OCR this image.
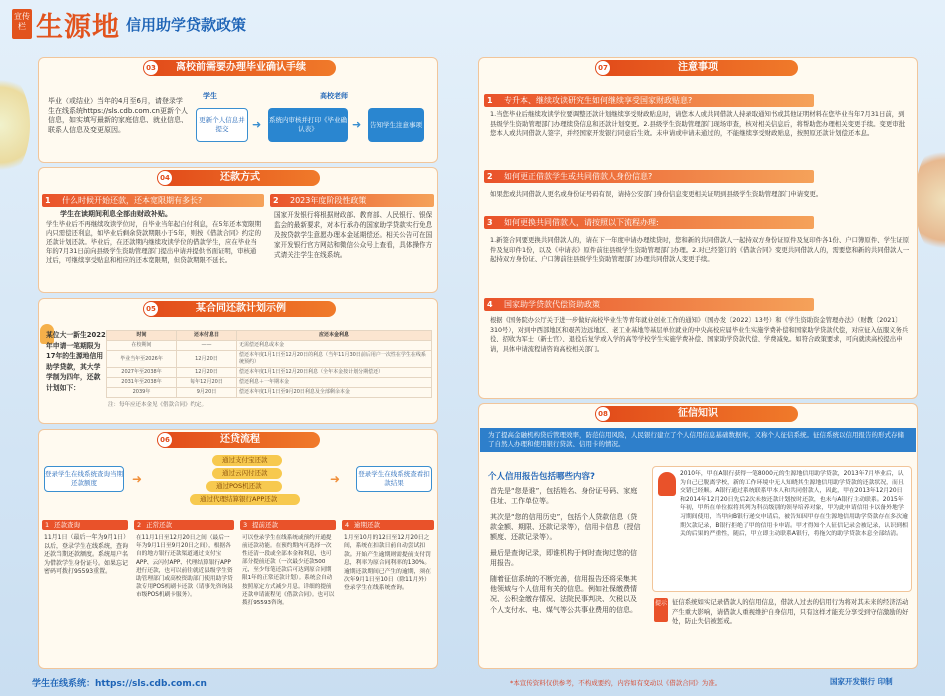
宣传栏 生源地 信用助学贷款政策
03	离校前需要办理毕业确认手续
毕业（或结业）当年的4月至6月，请登录学生在线系统https://sls.cdb.com.cn更新个人信息，如实填写最新的家庭信息、就业信息、联系人信息及变更原因。
学生	高校老师
更新个人信息并提交	➜ 系统内审核并打印《毕业确认表》	➜	告知学生注意事项
04	还款方式
1 什么时候开始还款，还本宽限期有多长?
学生在读期间利息全部由财政补贴。
学生毕业后不再继续攻读学位时，自毕业当年起自付利息，在5年还本宽限期内只需偿还利息，如毕业后剩余贷款期限小于5年，则按《借款合同》约定的还款计划还款。毕业后，在还款期内继续攻读学位的借款学生，应在毕业当年的7月31日前向县级学生资助管理部门提出申请并提供书面证明，审核通过后，可继续享受贴息和相应的还本宽限期，但贷款期限不延长。
2 2023年度阶段性政策
国家开发银行将根据财政部、教育部、人民银行、银保监会的最新要求，对本行承办的国家助学贷款实行免息及按贷款学生意愿办理本金延期偿还。相关公告可在国家开发银行官方网站和微信公众号上查看，具体操作方式请关注学生在线系统。
05	某合同还款计划示例
某位大一新生2022年申请一笔期限为17年的生源地信用助学贷款，其大学学制为四年，还款计划如下：
时间	还本付息日	应还本金利息
在校期间	——	无需偿还利息或本金
毕业当年至2026年	12月20日	偿还本年度1月1日至12月20日的利息（当年11月30日前后用户一次性在学生在线系统预约）
2027年至2038年	12月20日	偿还本年度1月1日至12月20日利息（全年本金按计划分期偿还）
2031年至2038年	每年12月20日	偿还利息＋一年期本金
2039年	9月20日	偿还本年度1月1日至9月20日利息及全部剩余本金
注：每年应还本金见《借款合同》约定。
06	还贷流程
登录学生在线系统查询当期还款额度
登录学生在线系统查看扣款结果
通过支付宝还款
通过云闪付还款
通过POS机还款
通过代理结算银行APP还款
➜	➜
1 还款查询
11月1日（最后一年为9月1日）以后，登录学生在线系统，查询还款当期还款额度。系统用户名为借款学生身份证号。如果忘记密码可拨打95593重置。
2 正常还款
在11月1日至12月20日之间（最后一年为9月1日至9月20日之间），根据各自的地方银行还款渠道通过支付宝APP、云闪付APP、代理结算银行APP进行还款，也可以前往就近县级学生资助管理部门或高校资助部门使用助学贷款专用POS机刷卡还款（请事先咨询县市级POS机刷卡服务）。
3 提前还款
可以登录学生在线系统或预约开通提前还款功能。在预约期内可选择一次性还清一段或全部本金和利息，也可部分提前还款（一次最少还款500元，至少每笔还款后可达到原合同期限1年的正常还款计划）。系统会自动按照原定方式减少月息。详细的提前还款申请流程见《借款合同》。也可以拨打95593咨询。
4 逾期还款
1月至10月的12日至12月20日之间，系统在扣款日前自动尝试扣款。开始产生逾期则需提前支付罚息，利率为原合同利率的130%。逾期还款期间已产生的逾期，须在次年9月1日至10日（除11月外）登录学生在线系统查询。
学生在线系统：https://sls.cdb.com.cn
07	注意事项
1 专升本、继续攻读研究生如何继续享受国家财政贴息?
1.当您毕业后继续攻读学位要调整还款计划继续享受财政贴息时，请您本人或共同借款人持录取通知书或其他证明材料在您毕业当年7月31日前，到县级学生资助管理部门办理续贷信息和还款计划变更。2.县级学生资助管理部门现场审查，核对相关信息后，将帮助您办理相关变更手续。变更审批您本人或共同借款人签字，并经国家开发银行同意后生效。未申请或申请未通过的，不能继续享受财政贴息，按照原还款计划偿还本息。
2 如何更正借款学生或共同借款人身份信息?
如果您或共同借款人更名或身份证号码有误，请持公安部门身份信息变更相关证明到县级学生资助管理部门申请变更。
3 如何更换共同借款人，请按照以下流程办理:
1.新签合同要更换共同借款人的，请在下一年度申请办理续贷时，您和新的共同借款人一起持双方身份证原件及复印件各1份、户口簿原件、学生证原件及复印件1份，以及《申请表》原件前往县级学生资助管理部门办理。2.对已经签订的《借款合同》变更共同借款人的，需要您和新的共同借款人一起持双方身份证、户口簿前往县级学生资助管理部门办理共同借款人变更手续。
4 国家助学贷款代偿资助政策
根据《国务院办公厅关于进一步做好高校毕业生等青年就业创业工作的通知》（国办发〔2022〕13号）和《学生资助资金管理办法》（财教〔2021〕310号），对到中西部地区和艰苦边远地区、老工业基地等基层单位就业的中央高校应届毕业生实施学费补偿和国家助学贷款代偿，对应征入伍服义务兵役、招收为军士（新士官）、退役后复学或入学的高等学校学生实施学费补偿、国家助学贷款代偿、学费减免。如符合政策要求，可向就读高校提出申请，具体申请流程请咨询高校相关部门。
08	征信知识
为了提高金融机构贷后管理效率，防范信用风险，人民银行建立了个人信用信息基础数据库，又称个人征信系统。征信系统以信用报告的形式存储了自然人办理和使用银行贷款、信用卡的情况。
个人信用报告包括哪些内容?
首先是“您是谁”，包括姓名、身份证号码、家庭住址、工作单位等。
其次是“您的信用历史”，包括个人贷款信息（贷款金额、期限、还款记录等），信用卡信息（授信额度、还款记录等）。
最后是查询记录，即谁机构于何时查询过您的信用报告。
随着征信系统的不断完善，信用报告还将采集其他领域与个人信用有关的信息。例如社保缴费情况、公积金缴存情况、法院民事判决、欠税以及个人支付水、电、煤气等公共事业费用的信息。
2010年，甲在A银行获得一笔8000元的生源地信用助学贷款，2013年7月毕业后，认为自己已脱离学校，新的工作环境中无人知晓其生源地信用助学贷款的还款状况，而且交错已经顺。A银行通过系统联系甲本人和共同借款人，因此，甲在2013年12月20日和2014年12月20日先后2次未按还款计划按时还款，也未与A银行主动联系。2015年年初，甲所在单位拟将其列为科员级别的领导培养对象，甲为此申请信用卡以备外地学习期间使用，当甲向B银行递交申请后，被告知因甲存在生源地信用助学贷款存在多次逾期欠款记录，B银行拒绝了甲的信用卡申请。甲才得知个人征信记录会被记录，认识到相关的后果的严重性，随后，甲立即主动联系A银行，将拖欠的助学贷款本息全部结清。
提示 征信系统如实记录借款人的信用信息，借款人过去的信用行为将对其未来的经济活动产生重大影响，请借款人重视维护自身信用，只有这样才能充分享受到守信激励的好处，防止失信被惩戒。
*本宣传资料仅供参考，不构成要约，内容如有变动以《借款合同》为准。	国家开发银行 印制
